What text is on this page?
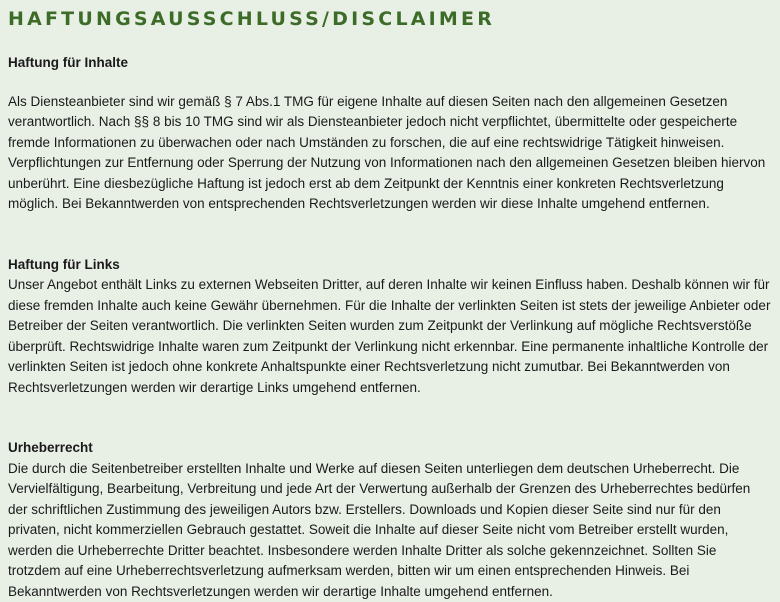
HAFTUNGSAUSSCHLUSS/DISCLAIMER

Haftung für Inhalte

Als Diensteanbieter sind wir gemäß § 7 Abs.1 TMG für eigene Inhalte auf diesen Seiten nach den allgemeinen Gesetzen verantwortlich. Nach §§ 8 bis 10 TMG sind wir als Diensteanbieter jedoch nicht verpflichtet, übermittelte oder gespeicherte fremde Informationen zu überwachen oder nach Umständen zu forschen, die auf eine rechtswidrige Tätigkeit hinweisen. Verpflichtungen zur Entfernung oder Sperrung der Nutzung von Informationen nach den allgemeinen Gesetzen bleiben hiervon unberührt. Eine diesbezügliche Haftung ist jedoch erst ab dem Zeitpunkt der Kenntnis einer konkreten Rechtsverletzung möglich. Bei Bekanntwerden von entsprechenden Rechtsverletzungen werden wir diese Inhalte umgehend entfernen.

Haftung für Links

Unser Angebot enthält Links zu externen Webseiten Dritter, auf deren Inhalte wir keinen Einfluss haben. Deshalb können wir für diese fremden Inhalte auch keine Gewähr übernehmen. Für die Inhalte der verlinkten Seiten ist stets der jeweilige Anbieter oder Betreiber der Seiten verantwortlich. Die verlinkten Seiten wurden zum Zeitpunkt der Verlinkung auf mögliche Rechtsverstöße überprüft. Rechtswidrige Inhalte waren zum Zeitpunkt der Verlinkung nicht erkennbar. Eine permanente inhaltliche Kontrolle der verlinkten Seiten ist jedoch ohne konkrete Anhaltspunkte einer Rechtsverletzung nicht zumutbar. Bei Bekanntwerden von Rechtsverletzungen werden wir derartige Links umgehend entfernen.

Urheberrecht

Die durch die Seitenbetreiber erstellten Inhalte und Werke auf diesen Seiten unterliegen dem deutschen Urheberrecht. Die Vervielfältigung, Bearbeitung, Verbreitung und jede Art der Verwertung außerhalb der Grenzen des Urheberrechtes bedürfen der schriftlichen Zustimmung des jeweiligen Autors bzw. Erstellers. Downloads und Kopien dieser Seite sind nur für den privaten, nicht kommerziellen Gebrauch gestattet. Soweit die Inhalte auf dieser Seite nicht vom Betreiber erstellt wurden, werden die Urheberrechte Dritter beachtet. Insbesondere werden Inhalte Dritter als solche gekennzeichnet. Sollten Sie trotzdem auf eine Urheberrechtsverletzung aufmerksam werden, bitten wir um einen entsprechenden Hinweis. Bei Bekanntwerden von Rechtsverletzungen werden wir derartige Inhalte umgehend entfernen.
